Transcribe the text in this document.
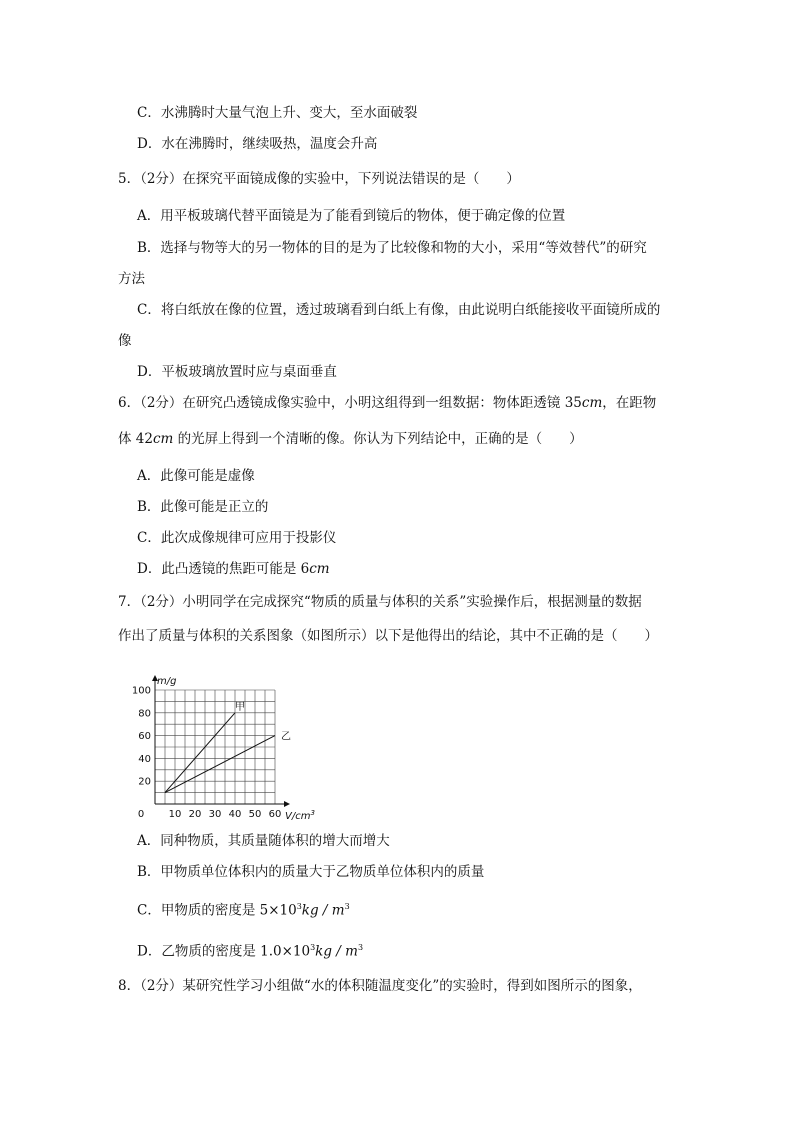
C．水沸腾时大量气泡上升、变大，至水面破裂
D．水在沸腾时，继续吸热，温度会升高
5．（2分）在探究平面镜成像的实验中，下列说法错误的是（　　）
A．用平板玻璃代替平面镜是为了能看到镜后的物体，便于确定像的位置
B．选择与物等大的另一物体的目的是为了比较像和物的大小，采用“等效替代”的研究
方法
C．将白纸放在像的位置，透过玻璃看到白纸上有像，由此说明白纸能接收平面镜所成的
像
D．平板玻璃放置时应与桌面垂直
6．（2分）在研究凸透镜成像实验中，小明这组得到一组数据：物体距透镜 35cm，在距物
体 42cm 的光屏上得到一个清晰的像。你认为下列结论中，正确的是（　　）
A．此像可能是虚像
B．此像可能是正立的
C．此次成像规律可应用于投影仪
D．此凸透镜的焦距可能是 6cm
7．（2分）小明同学在完成探究“物质的质量与体积的关系”实验操作后，根据测量的数据
作出了质量与体积的关系图象（如图所示）以下是他得出的结论，其中不正确的是（　　）
10 20 30 40 50 60
20
40
60
80
100
0
m/g
$V/cm^3$
甲
乙
A．同种物质，其质量随体积的增大而增大
B．甲物质单位体积内的质量大于乙物质单位体积内的质量
C．甲物质的密度是 $5\times 10^3kg / m^3$
D．乙物质的密度是 $1.0\times 10^3kg / m^3$
8．（2分）某研究性学习小组做“水的体积随温度变化”的实验时，得到如图所示的图象，
